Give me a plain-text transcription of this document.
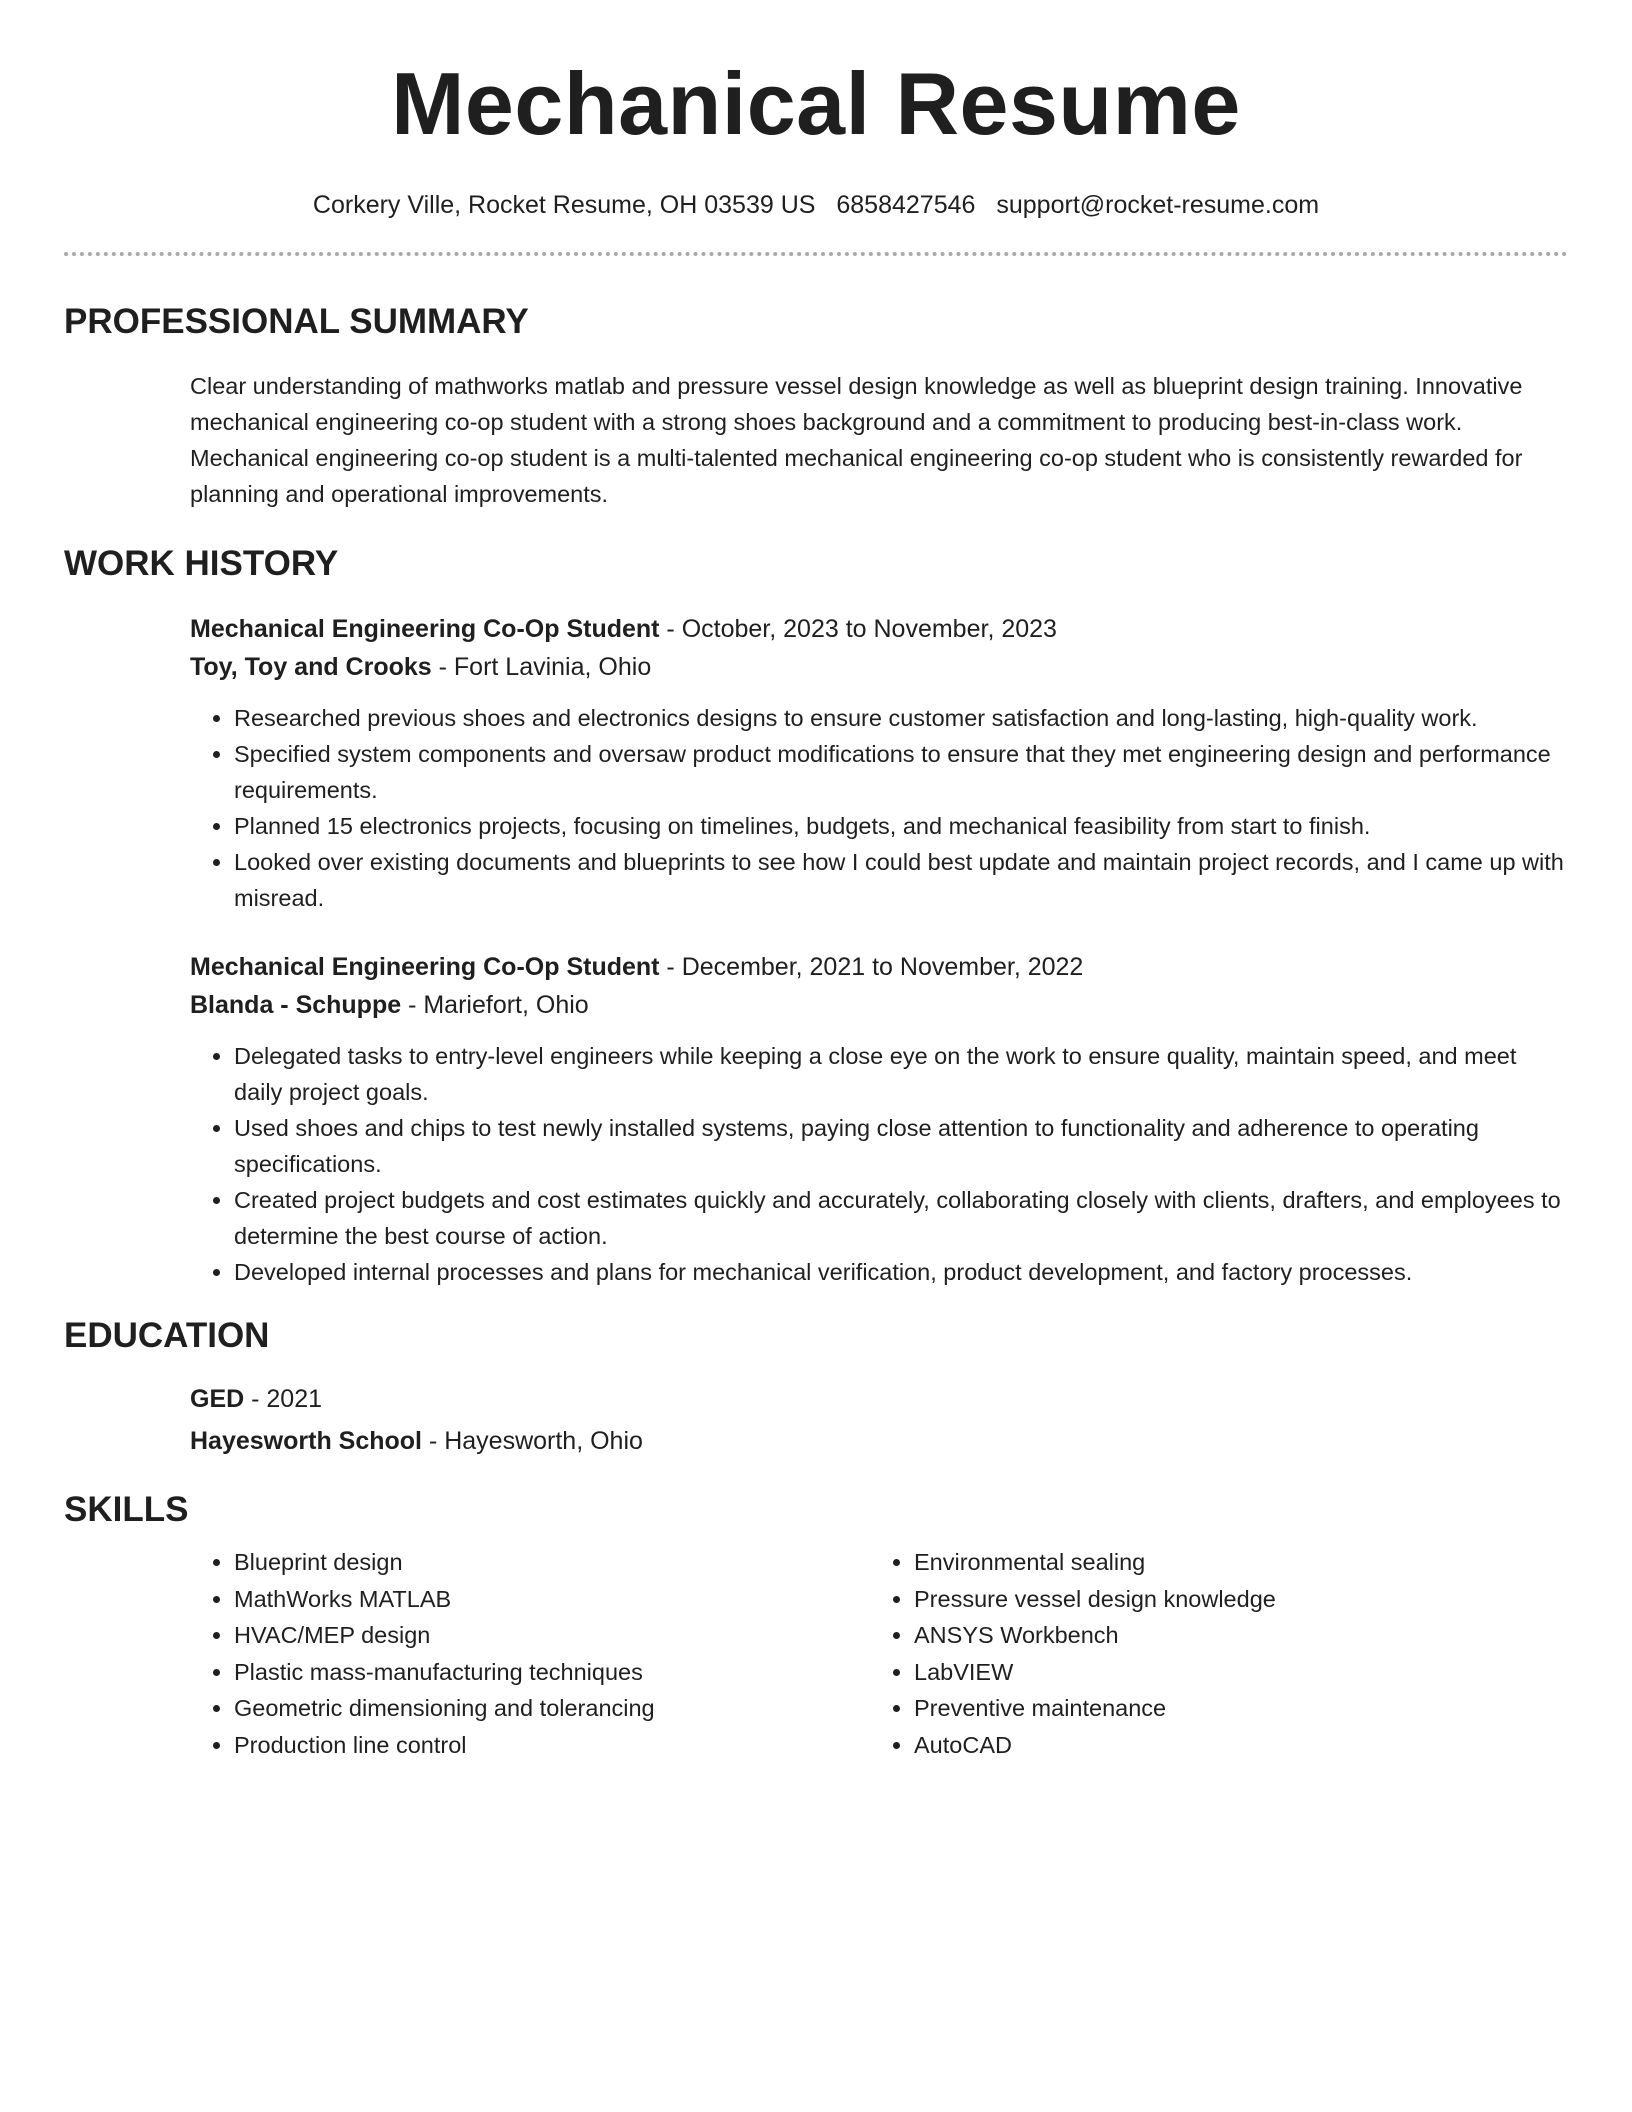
Mechanical Resume
Corkery Ville, Rocket Resume, OH 03539 US 6858427546 support@rocket-resume.com
PROFESSIONAL SUMMARY

Clear understanding of mathworks matlab and pressure vessel design knowledge as well as blueprint design training. Innovative mechanical engineering co-op student with a strong shoes background and a commitment to producing best-in-class work. Mechanical engineering co-op student is a multi-talented mechanical engineering co-op student who is consistently rewarded for planning and operational improvements.

WORK HISTORY
Mechanical Engineering Co-Op Student - October, 2023 to November, 2023
Toy, Toy and Crooks - Fort Lavinia, Ohio
• Researched previous shoes and electronics designs to ensure customer satisfaction and long-lasting, high-quality work.
• Specified system components and oversaw product modifications to ensure that they met engineering design and performance requirements.
• Planned 15 electronics projects, focusing on timelines, budgets, and mechanical feasibility from start to finish.
• Looked over existing documents and blueprints to see how I could best update and maintain project records, and I came up with misread.
Mechanical Engineering Co-Op Student - December, 2021 to November, 2022
Blanda - Schuppe - Mariefort, Ohio
• Delegated tasks to entry-level engineers while keeping a close eye on the work to ensure quality, maintain speed, and meet daily project goals.
• Used shoes and chips to test newly installed systems, paying close attention to functionality and adherence to operating specifications.
• Created project budgets and cost estimates quickly and accurately, collaborating closely with clients, drafters, and employees to determine the best course of action.
• Developed internal processes and plans for mechanical verification, product development, and factory processes.
EDUCATION
GED - 2021
Hayesworth School - Hayesworth, Ohio
SKILLS
• Blueprint design
• MathWorks MATLAB
• HVAC/MEP design
• Plastic mass-manufacturing techniques
• Geometric dimensioning and tolerancing
• Production line control
• Environmental sealing
• Pressure vessel design knowledge
• ANSYS Workbench
• LabVIEW
• Preventive maintenance
• AutoCAD
